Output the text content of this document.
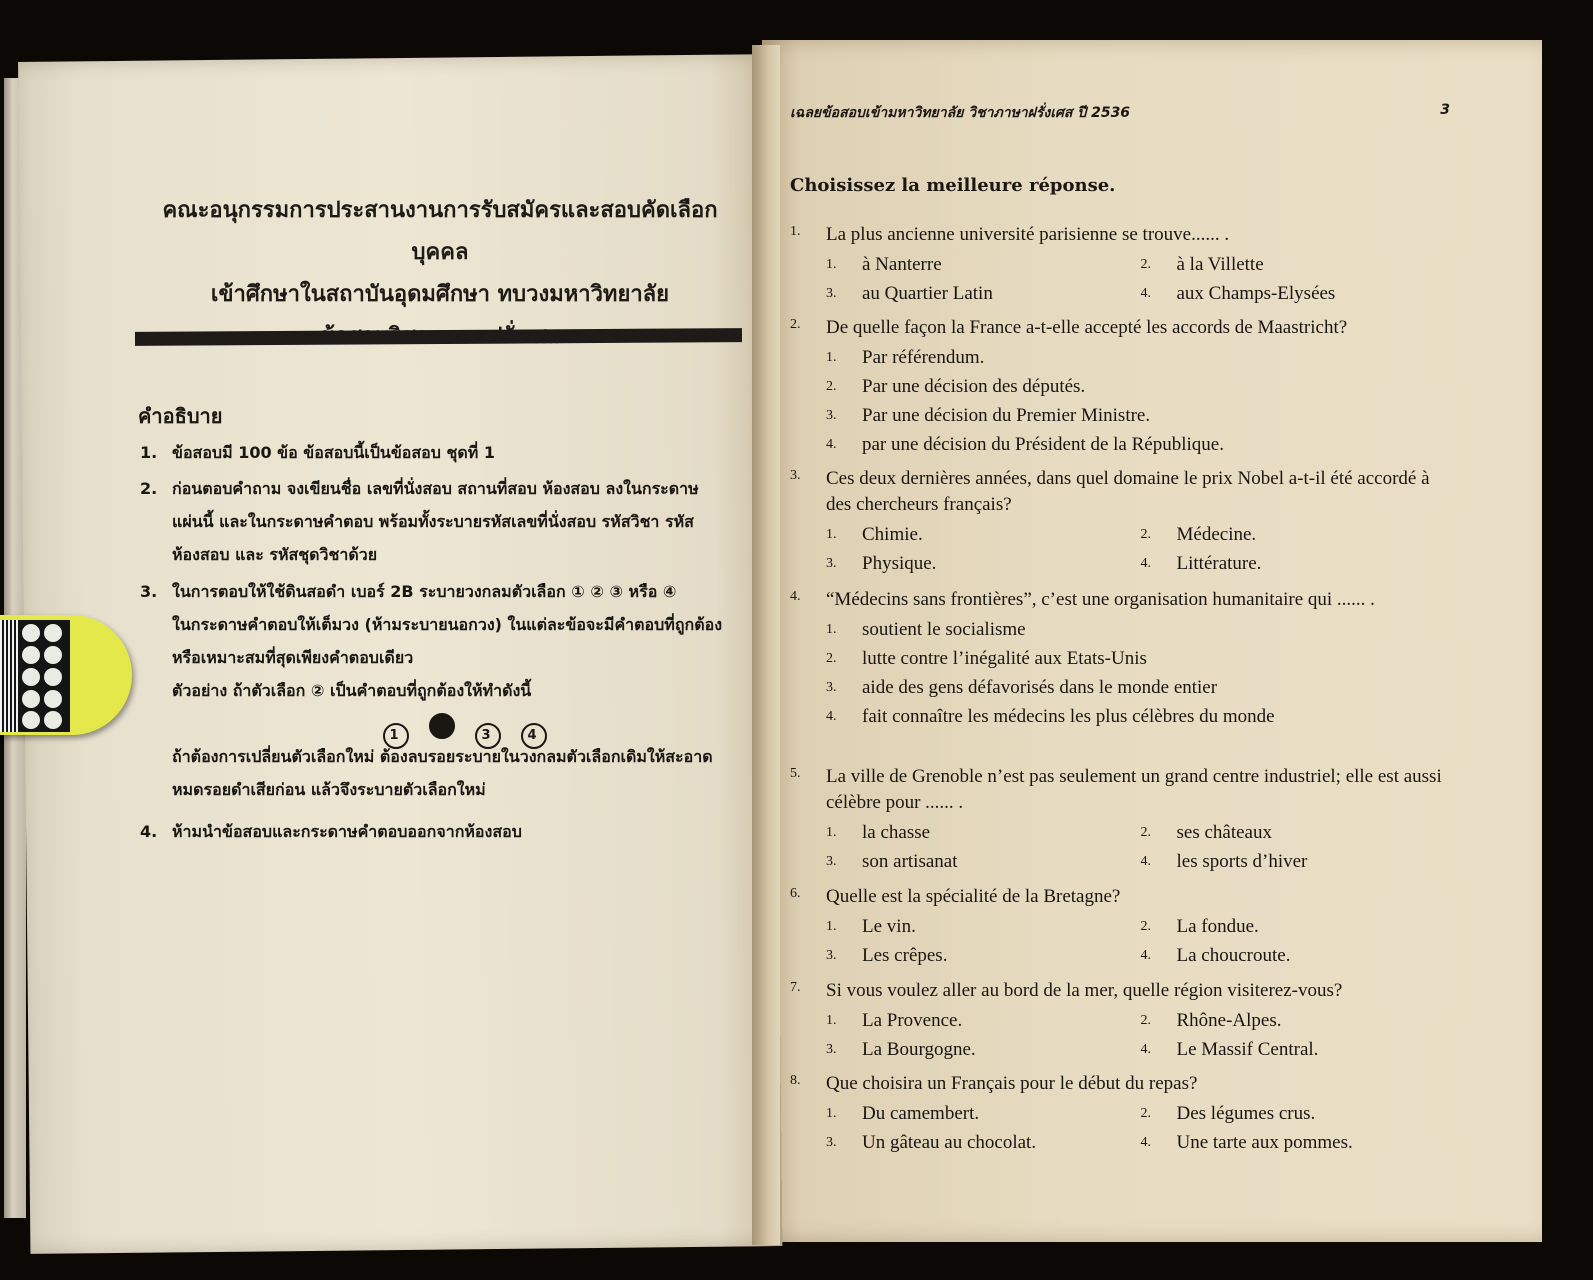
คณะอนุกรรมการประสานงานการรับสมัครและสอบคัดเลือกบุคคล
เข้าศึกษาในสถาบันอุดมศึกษา ทบวงมหาวิทยาลัย
คำอธิบาย
1. ข้อสอบมี 100 ข้อ ข้อสอบนี้เป็นข้อสอบ ชุดที่ 1
2. ก่อนตอบคำถาม จงเขียนชื่อ เลขที่นั่งสอบ สถานที่สอบ ห้องสอบ ลงในกระดาษ
แผ่นนี้ และในกระดาษคำตอบ พร้อมทั้งระบายรหัสเลขที่นั่งสอบ รหัสวิชา รหัส
ห้องสอบ และ รหัสชุดวิชาด้วย
3. ในการตอบให้ใช้ดินสอดำ เบอร์ 2B ระบายวงกลมตัวเลือก ① ② ③ หรือ ④
ในกระดาษคำตอบให้เต็มวง (ห้ามระบายนอกวง) ในแต่ละข้อจะมีคำตอบที่ถูกต้อง
หรือเหมาะสมที่สุดเพียงคำตอบเดียว
ตัวอย่าง ถ้าตัวเลือก ② เป็นคำตอบที่ถูกต้องให้ทำดังนี้
1	3	4
ถ้าต้องการเปลี่ยนตัวเลือกใหม่ ต้องลบรอยระบายในวงกลมตัวเลือกเดิมให้สะอาด
หมดรอยดำเสียก่อน แล้วจึงระบายตัวเลือกใหม่
4. ห้ามนำข้อสอบและกระดาษคำตอบออกจากห้องสอบ
เฉลยข้อสอบเข้ามหาวิทยาลัย วิชาภาษาฝรั่งเศส ปี 2536	3
Choisissez la meilleure réponse.
1. La plus ancienne université parisienne se trouve...... .
1. à Nanterre	2. à la Villette
3. au Quartier Latin	4. aux Champs-Elysées
2. De quelle façon la France a-t-elle accepté les accords de Maastricht?
1. Par référendum.
2. Par une décision des députés.
3. Par une décision du Premier Ministre.
4. par une décision du Président de la République.
3. Ces deux dernières années, dans quel domaine le prix Nobel a-t-il été accordé à des chercheurs français?
1. Chimie.	2. Médecine.
3. Physique.	4. Littérature.
4. “Médecins sans frontières”, c’est une organisation humanitaire qui ...... .
1. soutient le socialisme
2. lutte contre l’inégalité aux Etats-Unis
3. aide des gens défavorisés dans le monde entier
4. fait connaître les médecins les plus célèbres du monde
5. La ville de Grenoble n’est pas seulement un grand centre industriel; elle est aussi célèbre pour ...... .
1. la chasse	2. ses châteaux
3. son artisanat	4. les sports d’hiver
6. Quelle est la spécialité de la Bretagne?
1. Le vin.	2. La fondue.
3. Les crêpes.	4. La choucroute.
7. Si vous voulez aller au bord de la mer, quelle région visiterez-vous?
1. La Provence.	2. Rhône-Alpes.
3. La Bourgogne.	4. Le Massif Central.
8. Que choisira un Français pour le début du repas?
1. Du camembert.	2. Des légumes crus.
3. Un gâteau au chocolat.	4. Une tarte aux pommes.
